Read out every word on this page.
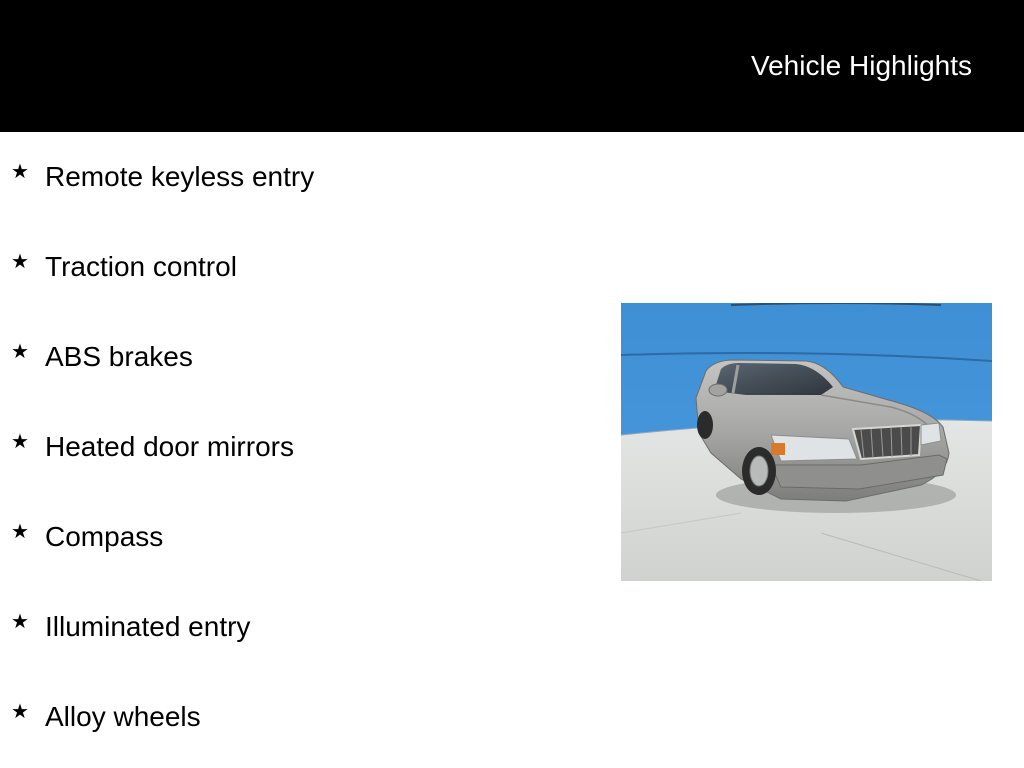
Vehicle Highlights
★ Remote keyless entry
★ Traction control
★ ABS brakes
★ Heated door mirrors
★ Compass
★ Illuminated entry
★ Alloy wheels
